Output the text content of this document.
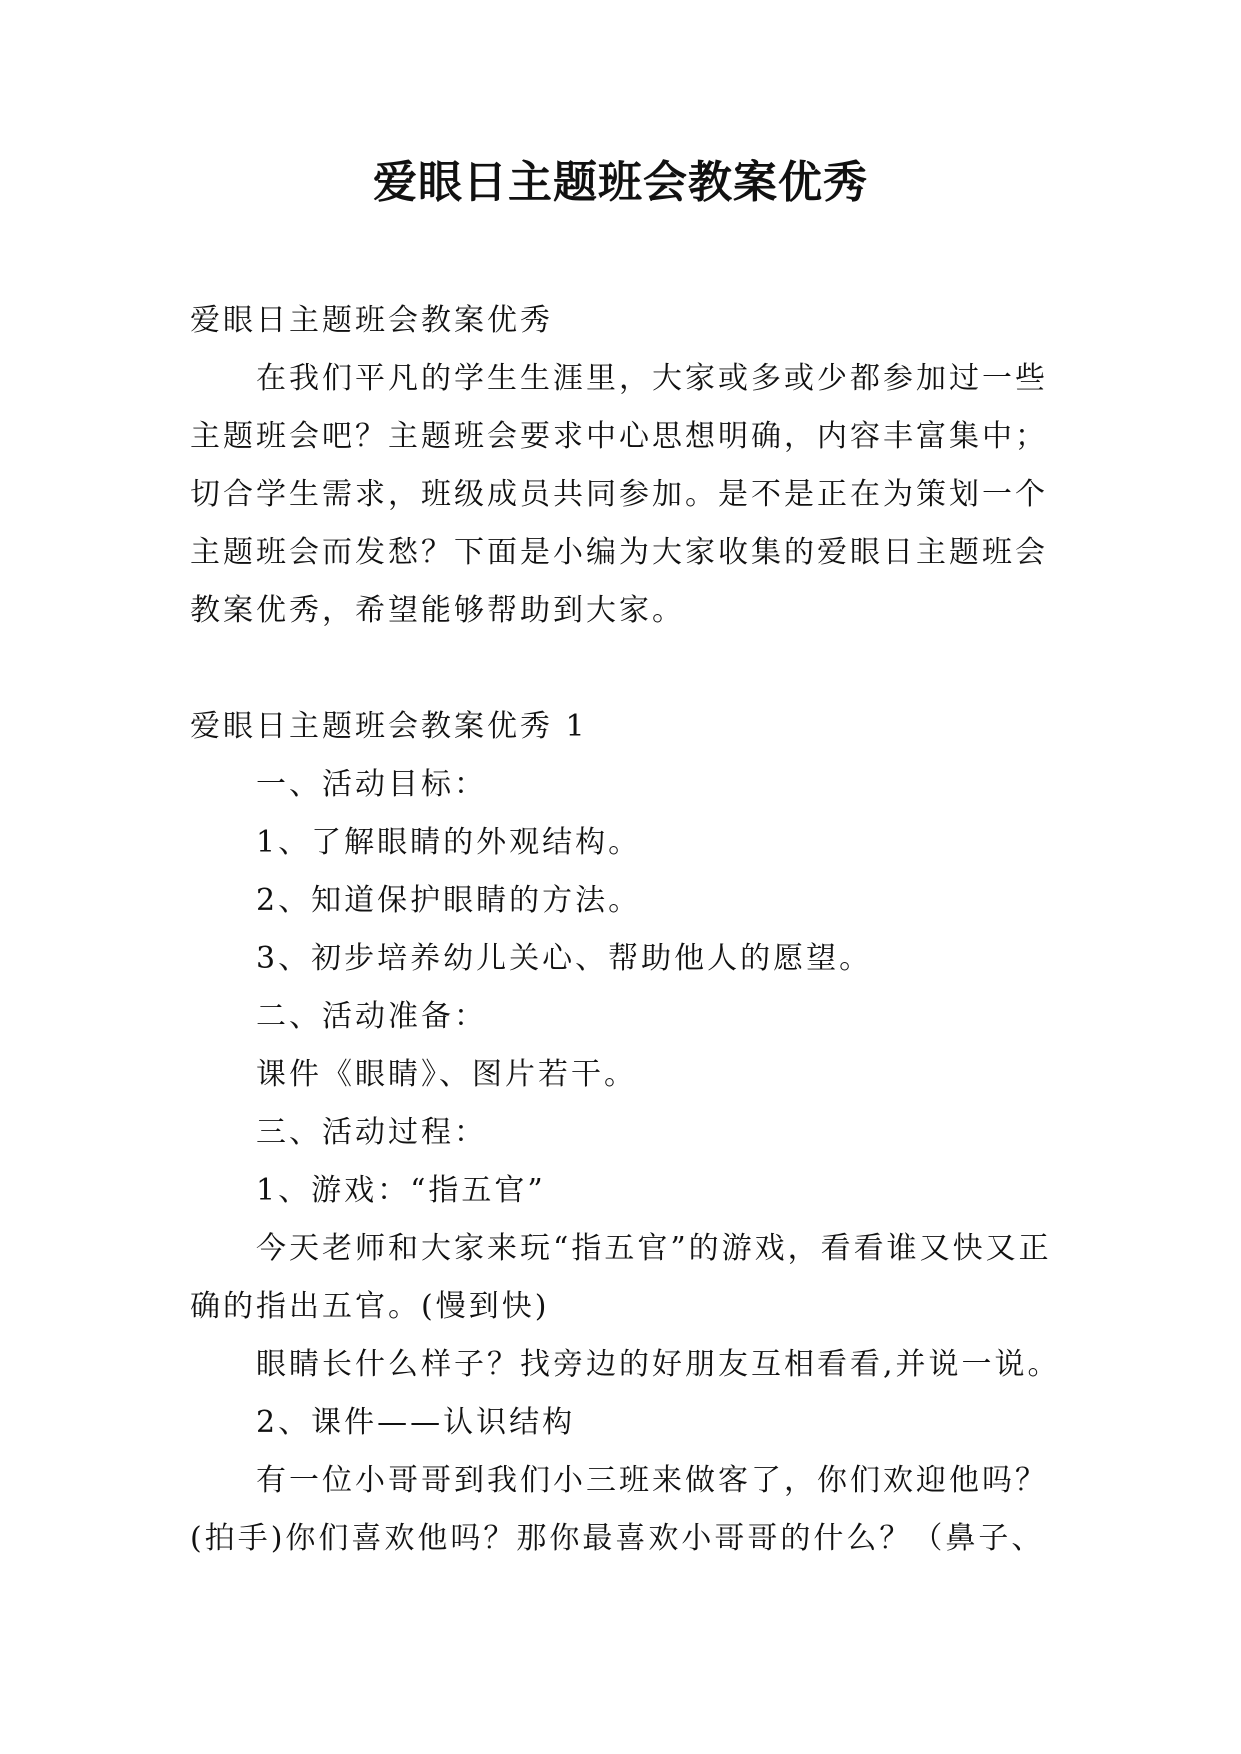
爱眼日主题班会教案优秀

爱眼日主题班会教案优秀

在我们平凡的学生生涯里，大家或多或少都参加过一些主题班会吧？主题班会要求中心思想明确，内容丰富集中；切合学生需求，班级成员共同参加。是不是正在为策划一个主题班会而发愁？下面是小编为大家收集的爱眼日主题班会教案优秀，希望能够帮助到大家。

爱眼日主题班会教案优秀 1

一、活动目标：

1、了解眼睛的外观结构。

2、知道保护眼睛的方法。

3、初步培养幼儿关心、帮助他人的愿望。

二、活动准备：

课件《眼睛》、图片若干。

三、活动过程：

1、游戏：“指五官”

今天老师和大家来玩“指五官”的游戏，看看谁又快又正确的指出五官。(慢到快)

眼睛长什么样子？找旁边的好朋友互相看看,并说一说。

2、课件——认识结构

有一位小哥哥到我们小三班来做客了，你们欢迎他吗？(拍手)你们喜欢他吗？那你最喜欢小哥哥的什么？（鼻子、
